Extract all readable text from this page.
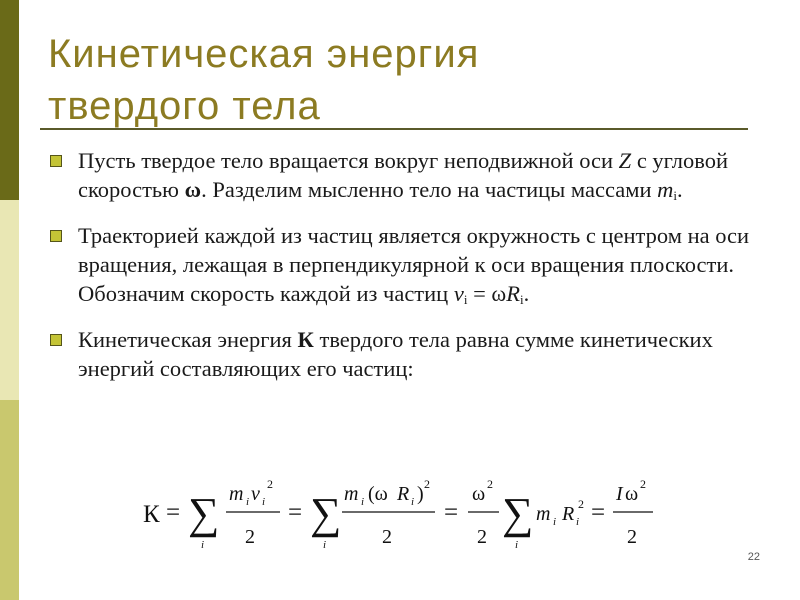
Кинетическая энергия
твердого тела
Пусть твердое тело вращается вокруг неподвижной оси Z с угловой скоростью ω. Разделим мысленно тело на частицы массами $m_i$.
Траекторией каждой из частиц является окружность с центром на оси вращения, лежащая в перпендикулярной к оси вращения плоскости. Обозначим скорость каждой из частиц $v_i = \omega R_i$.
Кинетическая энергия К твердого тела равна сумме кинетических энергий составляющих его частиц:
К = ∑
i
m i v i
2
2
= ∑
i
m i (ω R i ) 2
2
=
ω 2
2 ∑
i
m i R i
2 =
I ω 2
2
22
